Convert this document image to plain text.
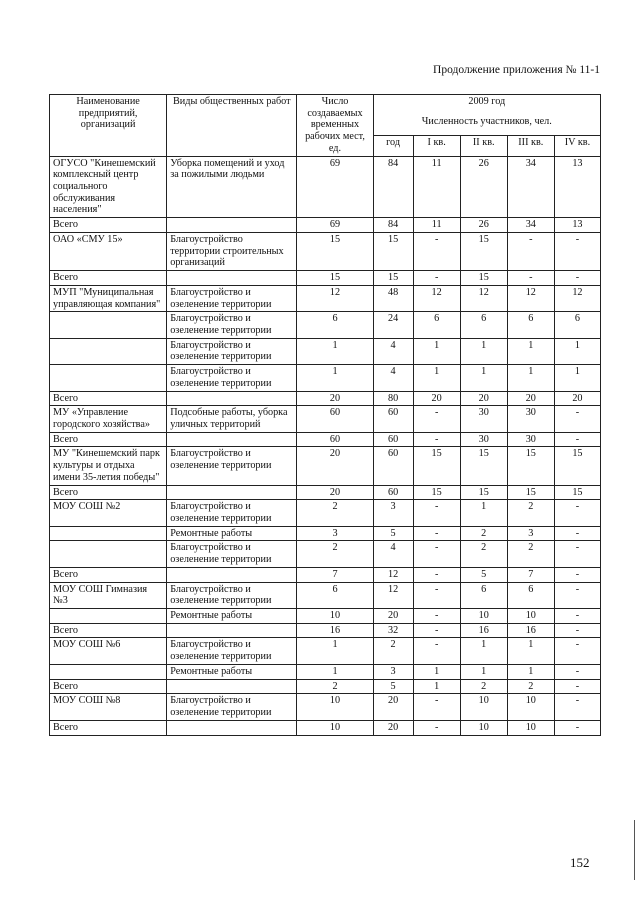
Продолжение приложения № 11-1
Наименование предприятий, организаций	Виды общественных работ	Число создаваемых временных рабочих мест, ед.	2009 год				
			Численность участников, чел.				
			год	I кв.	II кв.	III кв.	IV кв.
ОГУСО "Кинешемский комплексный центр социального обслуживания населения"	Уборка помещений и уход за пожилыми людьми	69	84	11	26	34	13
Всего		69	84	11	26	34	13
ОАО «СМУ 15»	Благоустройство территории строительных организаций	15	15	-	15	-	-
Всего		15	15	-	15	-	-
МУП "Муниципальная управляющая компания"	Благоустройство и озеленение территории	12	48	12	12	12	12
	Благоустройство и озеленение территории	6	24	6	6	6	6
	Благоустройство и озеленение территории	1	4	1	1	1	1
	Благоустройство и озеленение территории	1	4	1	1	1	1
Всего		20	80	20	20	20	20
МУ «Управление городского хозяйства»	Подсобные работы, уборка уличных территорий	60	60	-	30	30	-
Всего		60	60	-	30	30	-
МУ "Кинешемский парк культуры и отдыха имени 35-летия победы"	Благоустройство и озеленение территории	20	60	15	15	15	15
Всего		20	60	15	15	15	15
МОУ СОШ №2	Благоустройство и озеленение территории	2	3	-	1	2	-
	Ремонтные работы	3	5	-	2	3	-
	Благоустройство и озеленение территории	2	4	-	2	2	-
Всего		7	12	-	5	7	-
МОУ СОШ Гимназия №3	Благоустройство и озеленение территории	6	12	-	6	6	-
	Ремонтные работы	10	20	-	10	10	-
Всего		16	32	-	16	16	-
МОУ СОШ №6	Благоустройство и озеленение территории	1	2	-	1	1	-
	Ремонтные работы	1	3	1	1	1	-
Всего		2	5	1	2	2	-
МОУ СОШ №8	Благоустройство и озеленение территории	10	20	-	10	10	-
Всего		10	20	-	10	10	-
152
